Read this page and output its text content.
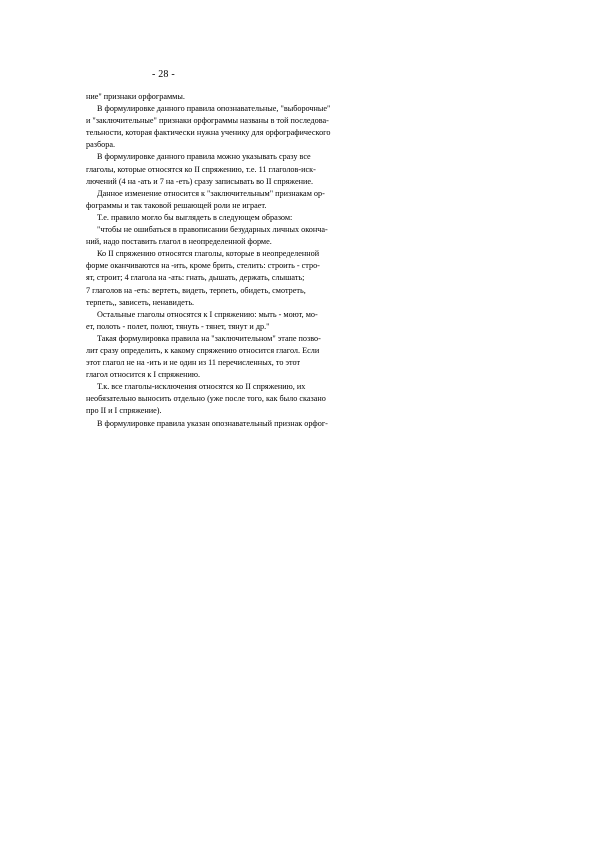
- 28 -
ние" признаки орфограммы.
В формулировке данного правила опознавательные, "выборочные"
и "заключительные" признаки орфограммы названы в той последова-
тельности, которая фактически нужна ученику для орфографического
разбора.
В формулировке данного правила можно указывать сразу все
глаголы, которые относятся ко II спряжению, т.е. 11 глаголов-иск-
лючений (4 на -ать и 7 на -еть) сразу записывать во II спряжение.
Данное изменение относится к "заключительным" признакам ор-
фограммы и так таковой решающей роли не играет.
Т.е. правило могло бы выглядеть в следующем образом:
"чтобы не ошибаться в правописании безударных личных окончa-
ний, надо поставить глагол в неопределенной форме.
Ко II спряжению относятся глаголы, которые в неопределенной
форме оканчиваются на -ить, кроме брить, стелить: строить - стро-
ят, строит; 4 глагола на -ать: гнать, дышать, держать, слышать;
7 глаголов на -еть: вертеть, видеть, терпеть, обидеть, смотреть,
терпеть,, зависеть, ненавидеть.
Остальные глаголы относятся к I спряжению: мыть - моют, мо-
ет, полоть - полет, полют, тянуть - тянет, тянут и др."
Такая формулировка правила на "заключительном" этапе позво-
лит сразу определить, к какому спряжению относится глагол. Если
этот глагол не на -ить и не один из 11 перечисленных, то этот
глагол относится к I спряжению.
Т.к. все глаголы-исключения относятся ко II спряжению, их
необязательно выносить отдельно (уже после того, как было сказано
про II и I спряжение).
В формулировке правила указан опознавательный признак орфог-
